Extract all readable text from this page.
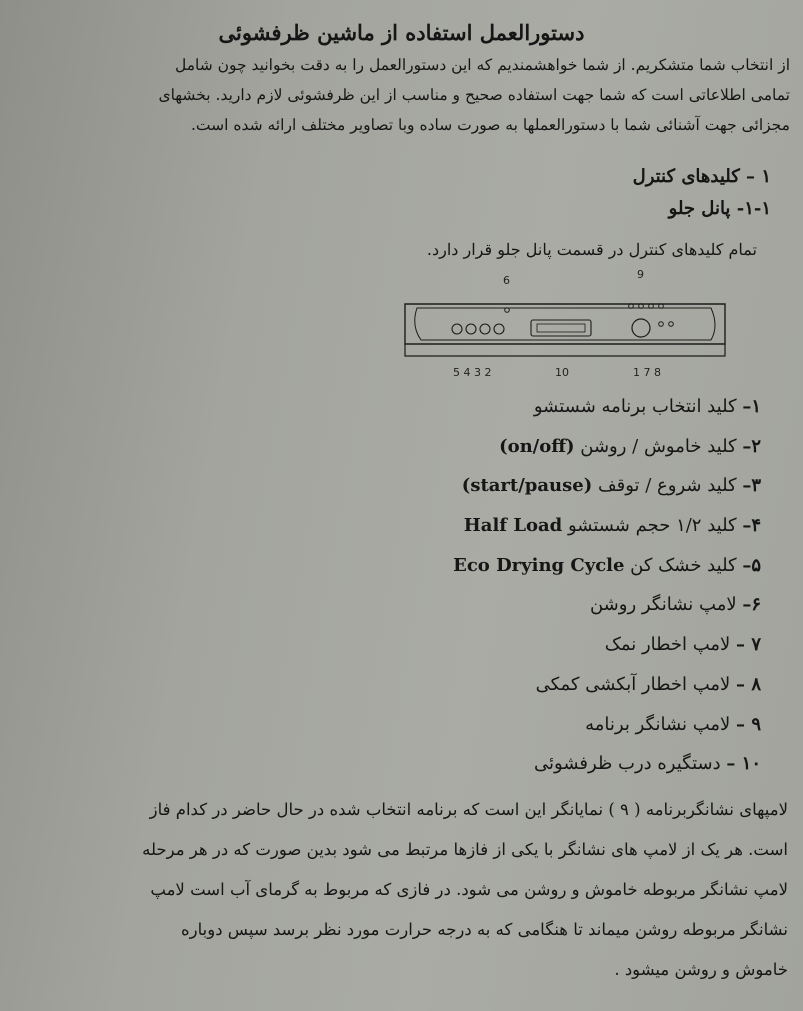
دستورالعمل استفاده از ماشین ظرفشوئی
از انتخاب شما متشکریم. از شما خواهشمندیم که این دستورالعمل را به دقت بخوانید چون شامل
تمامی اطلاعاتی است که شما جهت استفاده صحیح و مناسب از این ظرفشوئی لازم دارید. بخشهای
مجزائی جهت آشنائی شما با دستورالعملها به صورت ساده وبا تصاویر مختلف ارائه شده است.
۱ – کلیدهای کنترل
۱-۱- پانل جلو
تمام کلیدهای کنترل در قسمت پانل جلو قرار دارد.
6	9
5 4 3 2	10	1 7 8
۱– کلید انتخاب برنامه شستشو
۲– کلید خاموش / روشن (on/off)
۳– کلید شروع / توقف (start/pause)
۴– کلید ۱/۲ حجم شستشو Half Load
۵– کلید خشک کن Eco Drying Cycle
۶– لامپ نشانگر روشن
۷ – لامپ اخطار نمک
۸ – لامپ اخطار آبکشی کمکی
۹ – لامپ نشانگر برنامه
۱۰ – دستگیره درب ظرفشوئی
لامپهای نشانگربرنامه ( ۹ ) نمایانگر این است که برنامه انتخاب شده در حال حاضر در کدام فاز
است. هر یک از لامپ های نشانگر با یکی از فازها مرتبط می شود بدین صورت که در هر مرحله
لامپ نشانگر مربوطه خاموش و روشن می شود. در فازی که مربوط به گرمای آب است لامپ
نشانگر مربوطه روشن میماند تا هنگامی که به درجه حرارت مورد نظر برسد سپس دوباره
خاموش و روشن میشود .
